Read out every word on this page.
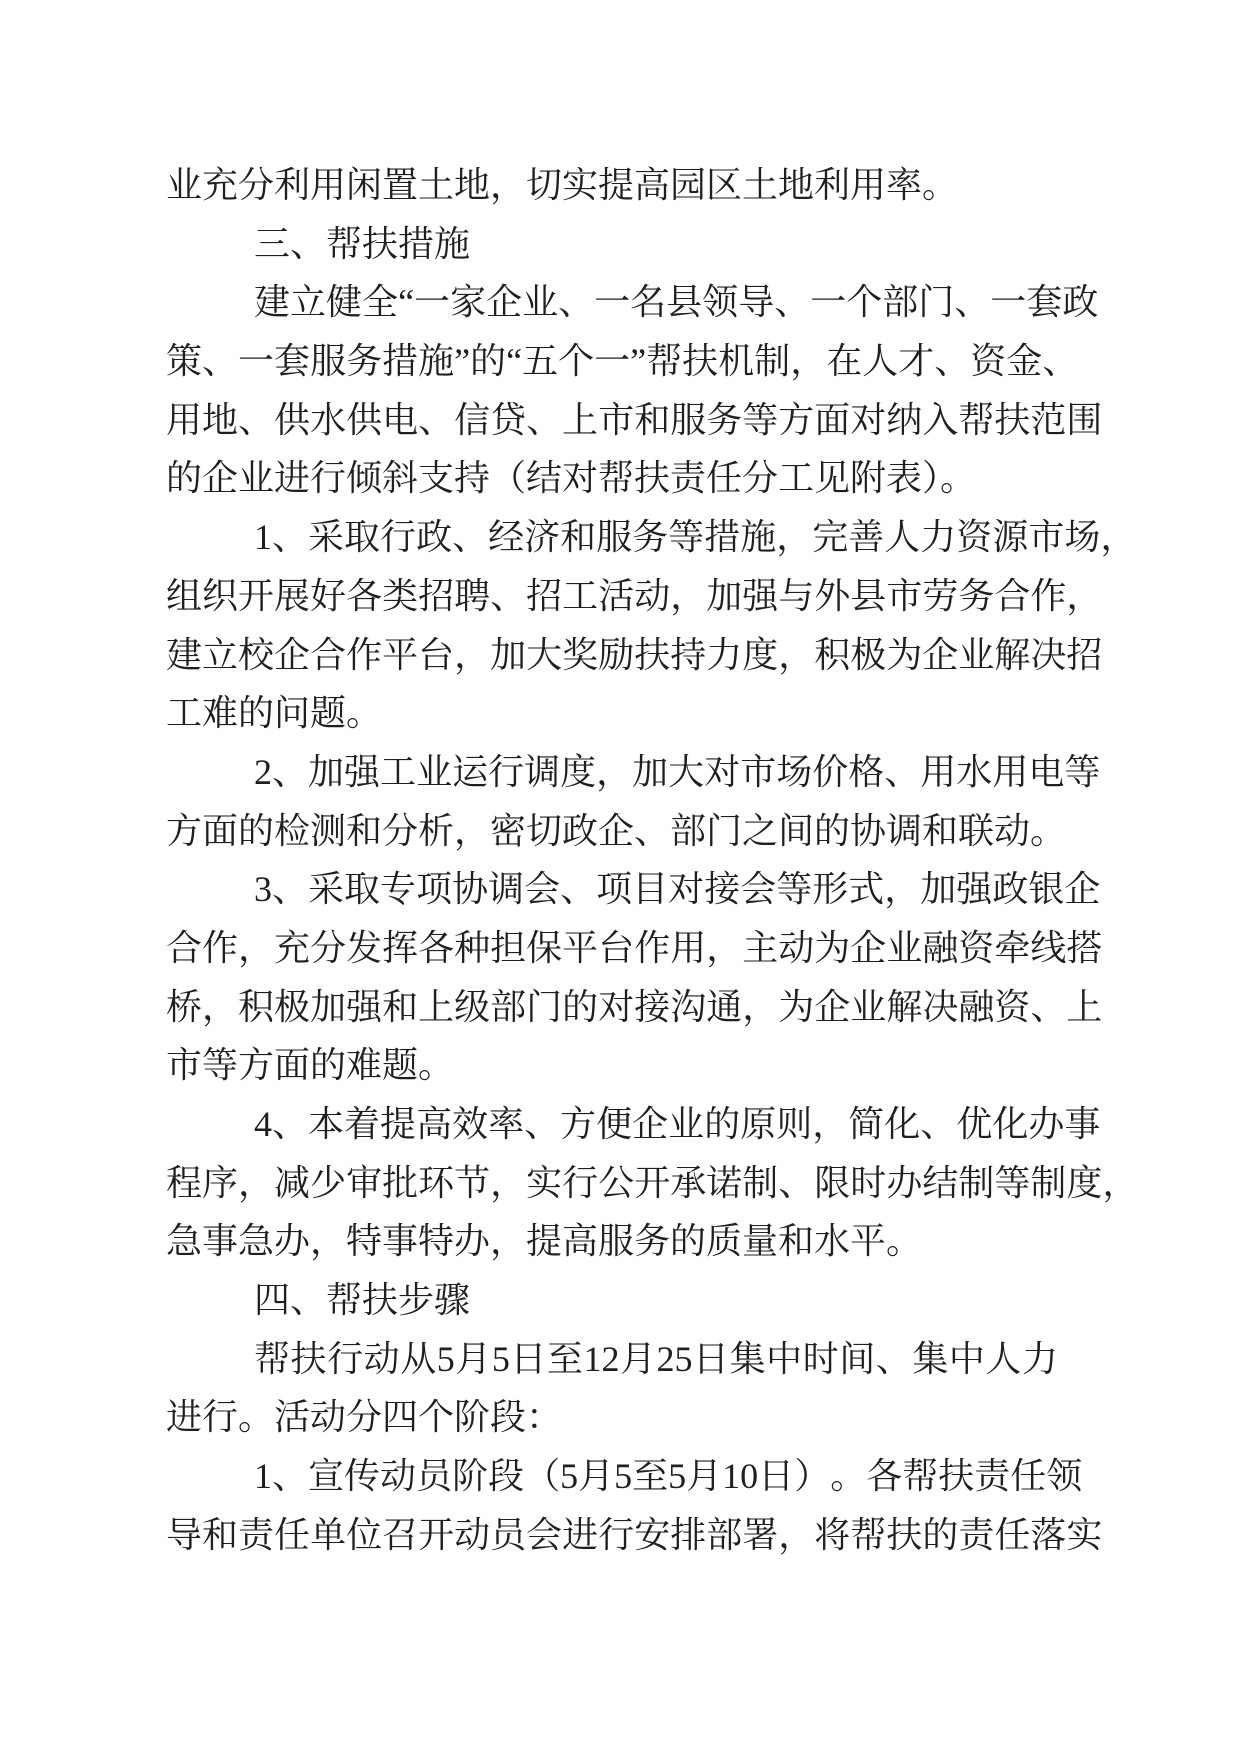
业充分利用闲置土地，切实提高园区土地利用率。
三、帮扶措施
建 立 健 全 “ 一 家 企 业 、 一 名 县 领 导 、 一 个 部 门 、 一 套 政
策 、 一 套 服 务 措 施 ” 的 “ 五 个 一 ” 帮 扶 机 制 ， 在 人 才 、 资 金 、
用 地 、 供 水 供 电 、 信 贷 、 上 市 和 服 务 等 方 面 对 纳 入 帮 扶 范 围
的企业进行倾斜支持（结对帮扶责任分工见附表）。
1 、 采 取 行 政 、 经 济 和 服 务 等 措 施 ， 完 善 人 力 资 源 市 场 ，
组 织 开 展 好 各 类 招 聘 、 招 工 活 动 ， 加 强 与 外 县 市 劳 务 合 作 ，
建 立 校 企 合 作 平 台 ， 加 大 奖 励 扶 持 力 度 ， 积 极 为 企 业 解 决 招
工难的问题。
2 、 加 强 工 业 运 行 调 度 ， 加 大 对 市 场 价 格 、 用 水 用 电 等
方面的检测和分析，密切政企、部门之间的协调和联动。
3 、 采 取 专 项 协 调 会 、 项 目 对 接 会 等 形 式 ， 加 强 政 银 企
合 作 ， 充 分 发 挥 各 种 担 保 平 台 作 用 ， 主 动 为 企 业 融 资 牵 线 搭
桥 ， 积 极 加 强 和 上 级 部 门 的 对 接 沟 通 ， 为 企 业 解 决 融 资 、 上
市等方面的难题。
4 、 本 着 提 高 效 率 、 方 便 企 业 的 原 则 ， 简 化 、 优 化 办 事
程 序 ， 减 少 审 批 环 节 ， 实 行 公 开 承 诺 制 、 限 时 办 结 制 等 制 度 ，
急事急办，特事特办，提高服务的质量和水平。
四、帮扶步骤
帮 扶 行 动 从 5 月 5 日 至 12 月 25 日 集 中 时 间 、 集 中 人 力
进行。活动分四个阶段：
1 、 宣 传 动 员 阶 段 （ 5 月 5 至 5 月 10 日 ） 。 各 帮 扶 责 任 领
导 和 责 任 单 位 召 开 动 员 会 进 行 安 排 部 署 ， 将 帮 扶 的 责 任 落 实
